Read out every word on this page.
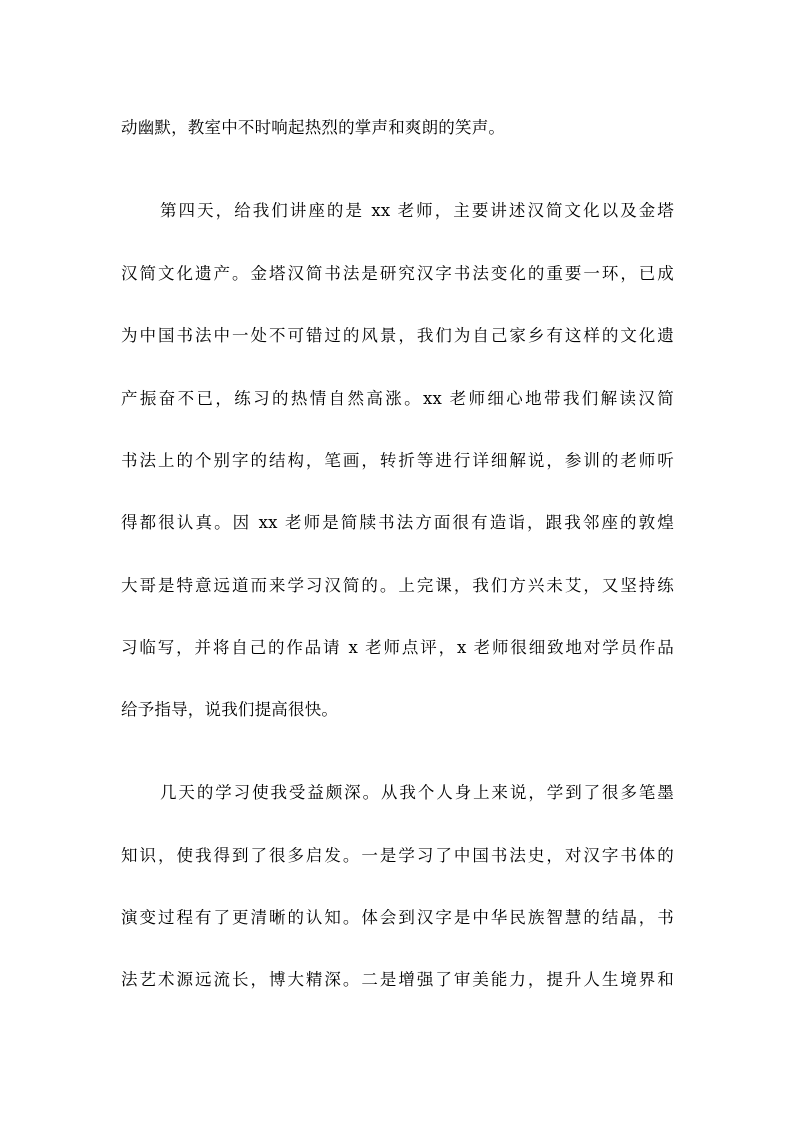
动幽默，教室中不时响起热烈的掌声和爽朗的笑声。
第四天，给我们讲座的是 xx 老师，主要讲述汉简文化以及金塔
汉简文化遗产。金塔汉简书法是研究汉字书法变化的重要一环，已成
为中国书法中一处不可错过的风景，我们为自己家乡有这样的文化遗
产振奋不已，练习的热情自然高涨。xx 老师细心地带我们解读汉简
书法上的个别字的结构，笔画，转折等进行详细解说，参训的老师听
得都很认真。因 xx 老师是简牍书法方面很有造诣，跟我邻座的敦煌
大哥是特意远道而来学习汉简的。上完课，我们方兴未艾，又坚持练
习临写，并将自己的作品请 x 老师点评，x 老师很细致地对学员作品
给予指导，说我们提高很快。
几天的学习使我受益颇深。从我个人身上来说，学到了很多笔墨
知识，使我得到了很多启发。一是学习了中国书法史，对汉字书体的
演变过程有了更清晰的认知。体会到汉字是中华民族智慧的结晶，书
法艺术源远流长，博大精深。二是增强了审美能力，提升人生境界和
